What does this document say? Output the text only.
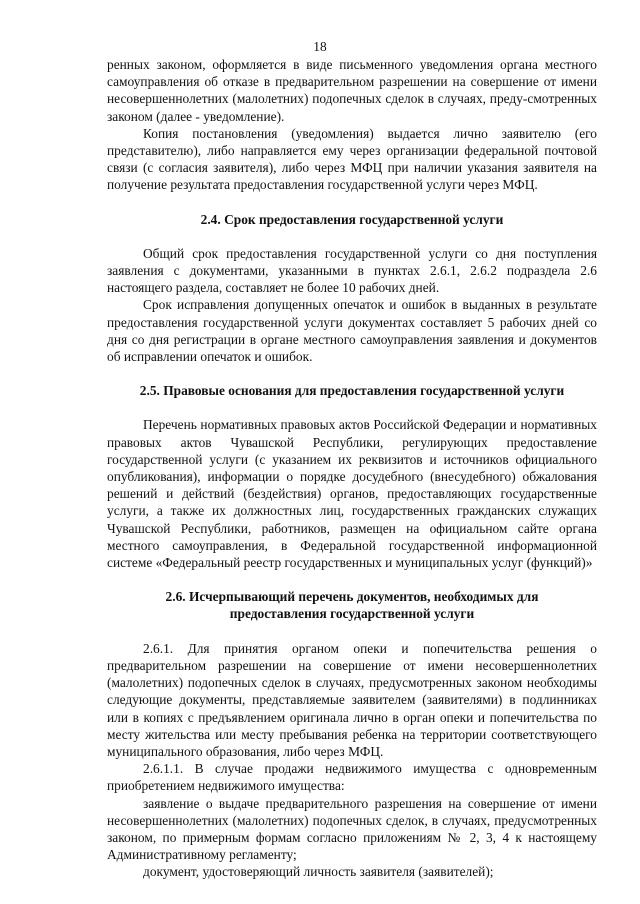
18

ренных законом, оформляется в виде письменного уведомления органа местного самоуправления об отказе в предварительном разрешении на совершение от имени несовершеннолетних (малолетних) подопечных сделок в случаях, преду-смотренных законом (далее - уведомление).

Копия постановления (уведомления) выдается лично заявителю (его представителю), либо направляется ему через организации федеральной почтовой связи (с согласия заявителя), либо через МФЦ при наличии указания заявителя на получение результата предоставления государственной услуги через МФЦ.

2.4. Срок предоставления государственной услуги

Общий срок предоставления государственной услуги со дня поступления заявления с документами, указанными в пунктах 2.6.1, 2.6.2 подраздела 2.6 настоящего раздела, составляет не более 10 рабочих дней.

Срок исправления допущенных опечаток и ошибок в выданных в результате предоставления государственной услуги документах составляет 5 рабочих дней со дня со дня регистрации в органе местного самоуправления заявления и документов об исправлении опечаток и ошибок.

2.5. Правовые основания для предоставления государственной услуги

Перечень нормативных правовых актов Российской Федерации и нормативных правовых актов Чувашской Республики, регулирующих предоставление государственной услуги (с указанием их реквизитов и источников официального опубликования), информации о порядке досудебного (внесудебного) обжалования решений и действий (бездействия) органов, предоставляющих государственные услуги, а также их должностных лиц, государственных гражданских служащих Чувашской Республики, работников, размещен на официальном сайте органа местного самоуправления, в Федеральной государственной информационной системе «Федеральный реестр государственных и муниципальных услуг (функций)»

2.6. Исчерпывающий перечень документов, необходимых для предоставления государственной услуги

2.6.1. Для принятия органом опеки и попечительства решения о предварительном разрешении на совершение от имени несовершеннолетних (малолетних) подопечных сделок в случаях, предусмотренных законом необходимы следующие документы, представляемые заявителем (заявителями) в подлинниках или в копиях с предъявлением оригинала лично в орган опеки и попечительства по месту жительства или месту пребывания ребенка на территории соответствующего муниципального образования, либо через МФЦ.

2.6.1.1. В случае продажи недвижимого имущества с одновременным приобретением недвижимого имущества:

заявление о выдаче предварительного разрешения на совершение от имени несовершеннолетних (малолетних) подопечных сделок, в случаях, предусмотренных законом, по примерным формам согласно приложениям № 2, 3, 4 к настоящему Административному регламенту;

документ, удостоверяющий личность заявителя (заявителей);
